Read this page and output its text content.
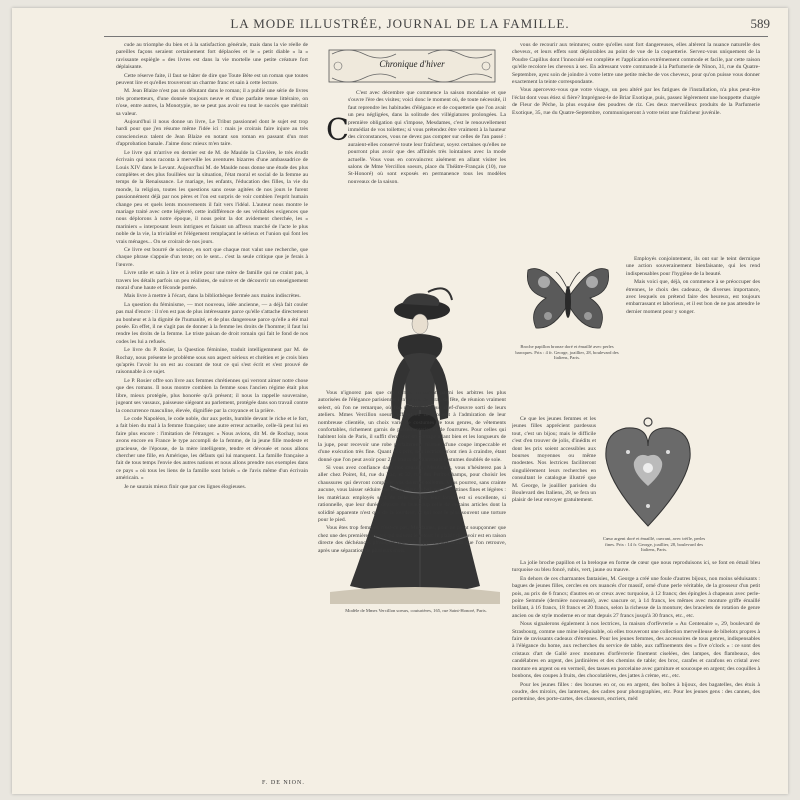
LA MODE ILLUSTRÉE, JOURNAL DE LA FAMILLE.	589

cude au triomphe du bien et à la satisfaction générale, mais dans la vie réelle de pareilles façons seraient certainement fort déplacées et le « petit diable » la « ravissante espiègle » des livres est dans la vie mortelle une petite créature fort déplaisante.

Cette réserve faite, il faut se hâter de dire que Toute Bête est un roman que toutes peuvent lire et qu'elles trouveront un charme franc et sain à cette lecture.

M. Jean Blaize n'est pas un débutant dans le roman; il a publié une série de livres très prometteurs, d'une donnée toujours neuve et d'une parfaite tenue littéraire, on n'ose, entre autres, la Monotypie, ne se peut pas avoir eu tout le succès que méritait sa valeur.

Aujourd'hui il nous donne un livre, Le Tribut passionnel dont le sujet est trop hardi pour que j'en résume même l'idée ici : mais je croirais faire injure au très consciencieux talent de Jean Blaize en notant son roman en passant d'un mot d'approbation banale. J'aime donc mieux m'en taire.

Le livre qui m'arrive en dernier est de M. de Maulde la Clavière, le très érudit écrivain qui nous raconta à merveille les aventures bizarres d'une ambassadrice de Louis XIV dans le Levant. Aujourd'hui M. de Maulde nous donne une étude des plus complètes et des plus fouillées sur la situation, l'état moral et social de la femme au temps de la Renaissance. Le mariage, les enfants, l'éducation des filles, la vie du monde, la religion, toutes les questions sans cesse agitées de nos jours le furent passionnément déjà par nos pères et l'on est surpris de voir combien l'esprit humain change peu et quels lents mouvements il fait vers l'idéal. L'auteur nous montre le mariage traité avec cette légèreté, cette indifférence de ses véritables exigences que nous déplorons à notre époque, il nous peint la dot avidement cherchée, les « mariniers » interposant leurs intrigues et faisant un affreux marché de l'acte le plus noble de la vie, la trivialité et l'élégement remplaçant le sérieux et l'union qui font les vrais ménages... On se croirait de nos jours.

Ce livre est bourré de science, en sort que chaque mot valut une recherche, que chaque phrase s'appuie d'un texte; on le sent... c'est la seule critique que je ferais à l'œuvre.

Livre utile et sain à lire et à relire pour une mère de famille qui ne craint pas, à travers les détails parfois un peu réalistes, de suivre et de découvrir un enseignement moral d'une haute et féconde portée.

Mais livre à mettre à l'écart, dans la bibliothèque fermée aux mains indiscrètes.

La question du féminisme, — mot nouveau, idée ancienne, — a déjà fait couler pas mal d'encre : il n'en est pas de plus intéressante parce qu'elle s'attache directement au bonheur et à la dignité de l'humanité, et de plus dangereuse parce qu'elle a été mal posée. En effet, il ne s'agit pas de donner à la femme les droits de l'homme; il faut lui rendre les droits de la femme. Le triste paisan de droit romain qui fait le fond de nos codes les lui a refusés.

Le livre du P. Rosier, la Question féminine, traduit intelligemment par M. de Rochay, nous présente le problème sous son aspect sérieux et chrétien et je crois bien qu'après l'avoir lu on est au courant de tout ce qui s'est écrit et s'est prouvé de raisonnable à ce sujet.

Le P. Rosier offre son livre aux femmes chrétiennes qui verront aimer notre chose que des romans. Il nous montre combien la femme sous l'ancien régime était plus libre, mieux protégée, plus honorée qu'à présent; il nous la rappelle souveraine, jugeant ses vassaux, paisseuse siégeant au parlement, protégée dans son travail contre la concurrence masculine, élevée, dignifiée par la croyance et la prière.

Le code Napoléon, le code noble, dur aux petits, humble devant le riche et le fort, a fait bien du mal à la femme française; une autre erreur actuelle, celle-là peut lui en faire plus encore : l'imitation de l'étranger. « Nous avions, dit M. de Rochay, nous avons encore en France le type accompli de la femme, de la jeune fille modeste et gracieuse, de l'épouse, de la mère intelligente, tendre et dévouée et nous allons chercher une fille, en Amérique, les défauts qui lui manquent. La famille française a fait de tous temps l'envie des autres nations et nous allons prendre nos exemples dans ce pays « où tous les liens de la famille sont brisés » de l'avis même d'un écrivain américain. »

Je ne saurais mieux finir que par ces lignes élogieuses.

F. DE NION.
Chronique d'hiver
C

C'est avec décembre que commence la saison mondaine et que s'ouvre l'ère des visites; voici donc le moment où, de toute nécessité, il faut reprendre les habitudes d'élégance et de coquetterie que l'on avait un peu négligées, dans la solitude des villégiatures prolongées. La première obligation qui s'impose, Mesdames, c'est le renouvellement immédiat de vos toilettes; si vous prétendez être vraiment à la hauteur des circonstances, vous ne devez pas compter sur celles de l'an passé : auraient-elles conservé toute leur fraîcheur, soyez certaines qu'elles ne pourront plus avoir que des affinités très lointaines avec la mode actuelle. Vous vous en convaincrez aisément en allant visiter les salons de Mme Vercillon soeurs, place du Théâtre-Français (10), rue St-Honoré) où sont exposés en permanence tous les modèles nouveaux de la saison.

Modèle de Mmes Vercillon soeurs, couturières, 165, rue Saint-Honoré, Paris.

Vous n'ignorez pas que ces dames comptent parmi les arbitres les plus autorisées de l'élégance parisienne; il n'est pas de carat, de fête, de réunion vraiment select, où l'on ne remarque, où l'on ne cite, quelque chef-d'œuvre sorti de leurs ateliers. Mmes Vercillon soeurs offrent en ce moment à l'admiration de leur nombreuse clientèle, un choix varié de costumes de tous genres, de vêtements confortables, richement garnis de passementeries et de fourrures. Pour celles qui habitent loin de Paris, il suffit d'envoyer un corsage allant bien et les longueurs de la jupe, pour recevoir une robe parfaitement réussie, d'une coupe impeccable et d'une exécution très fine. Quant aux prix, nos lectrices n'ont rien à craindre, étant donné que l'on peut avoir pour 250 francs de charmants costumes doublés de soie.

Si vous avez confiance dans nos conseils, Mesdames, vous n'hésiterez pas à aller chez Poiret, 84, rue du Bac, et 32, rue des Petits-Champs, pour choisir les chaussures qui devront compléter vos diverses toilettes. Vous pourrez, sans crainte aucune, vous laisser séduire par les souliers de bal, par les bottines fines et légères : les matériaux employés sont de telle qualité; leur forme est si excellente, si rationnelle, que leur durée dépasse de beaucoup celle de certains articles dont la solidité apparente n'est que de la lourdeur, et qui sont le plus souvent une torture pour le pied.

Vous êtes trop femmes, n'est-ce pas, Mesdames, pour ne point soupçonner que chez une des premières visites qui suivent le retour, le plaisir du revoir est en raison directe des déchéances physiques que l'on suppose chez celles que l'on retrouve, après une séparation de plusieurs mois.

vous de recourir aux teintures; outre qu'elles sont fort dangereuses, elles altèrent la nuance naturelle des cheveux, et leurs effets sont déplorables au point de vue de la coquetterie. Servez-vous uniquement de la Poudre Capillus dont l'innocuité est complète et l'application extrêmement commode et facile, par cette raison qu'elle recolore les cheveux à sec. En adressant votre commande à la Parfumerie de Ninon, 31, rue du Quatre-Septembre, ayez soin de joindre à votre lettre une petite mèche de vos cheveux, pour qu'on puisse vous donner exactement la teinte correspondante.

Vous apercevez-vous que votre visage, un peu altéré par les fatigues de l'installation, n'a plus peut-être l'éclat dont vous étiez si fière? Imprégnez-le de Briar Exotique, puis, passez légèrement une houppette chargée de Fleur de Pêche, la plus exquise des poudres de riz. Ces deux merveilleux produits de la Parfumerie Exotique, 35, rue du Quatre-Septembre, communiqueront à votre teint une fraîcheur juvénile.

Broche papillon bronze doré et émaillé avec perles baroques. Prix : 4 fr. George, joaillier, 28, boulevard des Italiens, Paris.

Employés conjointement, ils ont sur le teint dermique une action souverainement bienfaisante, qui les rend indispensables pour l'hygiène de la beauté.

Mais voici que, déjà, on commence à se préoccuper des étrennes, le choix des cadeaux, de diverses importance, avec lesquels on prétend faire des heureux, est toujours embarrassant et laborieux, et il est bon de ne pas attendre le dernier moment pour y songer.

Ce que les jeunes femmes et les jeunes filles apprécient pardessus tout, c'est un bijou; mais le difficile c'est d'en trouver de jolis, d'inédits et dont les prix soient accessibles aux bourses moyennes ou même modestes. Nos lectrices faciliteront singulièrement leurs recherches en consultant le catalogue illustré que M. George, le joaillier parisien du Boulevard des Italiens, 28, se fera un plaisir de leur envoyer gratuitement.

Cœur argent doré et émaillé, ouvrant, avec trèfle, perles fines. Prix : 14 fr. George, joaillier, 28, boulevard des Italiens, Paris.

La jolie broche papillon et la breloque en forme de cœur que nous reproduisons ici, se font en émail bleu turquoise ou bleu foncé, rubis, vert, jaune ou mauve.

En dehors de ces charmantes fantaisies, M. George a créé une foule d'autres bijoux, non moins séduisants : bagues de jeunes filles, cercles en ors nuancés d'or massif, orné d'une perle véritable, de la grosseur d'un petit pois, au prix de 6 francs; d'autres en or creux avec turquoise, à 12 francs; des épingles à chapeaux avec perle-poire Semmée (dernière nouveauté), avec saucure or, à 14 francs, les mêmes avec monture griffe émaillé brillant, à 16 francs, 18 francs et 20 francs, selon la richesse de la monture; des bracelets de rotation de genre ancien ou de style moderne en or mat depuis 27 francs jusqu'à 30 francs, etc., etc.

Nous signalerons également à nos lectrices, la maison d'orfèvrerie « Au Centenaire », 29, boulevard de Strasbourg, comme une mine inépuisable, où elles trouveront une collection merveilleuse de bibelots propres à faire de ravissants cadeaux d'étrennes. Pour les jeunes femmes, des accessoires de tous genres, indispensables à l'élégance du home, aux recherches du service de table, aux raffinements des « five o'clock » : ce sont des cristaux d'art de Gallé avec montures d'orfèvrerie finement ciselées, des lampes, des flambeaux, des candélabres en argent, des jardinières et des chemins de table; des broc, carafes et carafons en cristal avec monture en argent ou en vermeil, des tasses en porcelaine avec garniture et soucoupe en argent; des coquilles à bonbons, des coupes à fruits, des chocolatières, des jattes à crème, etc., etc.

Pour les jeunes filles : des bourses en or, ou en argent, des boîtes à bijoux, des bagatelles, des étuis à coudre, des miroirs, des lanternes, des cadres pour photographies, etc. Pour les jeunes gens : des cannes, des portemine, des porte-cartes, des classeurs, encriers, méd
